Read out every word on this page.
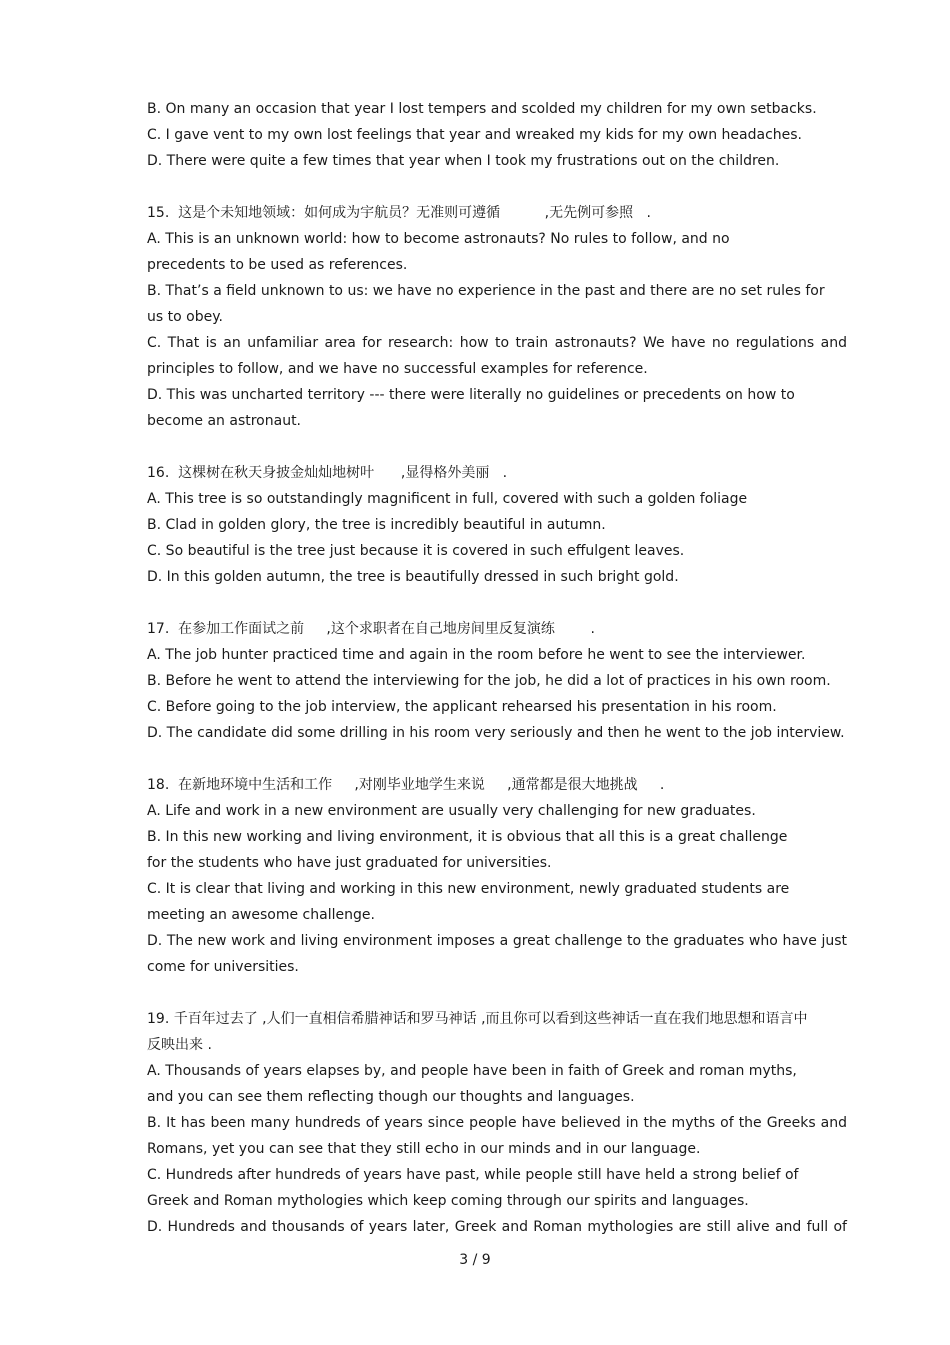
B. On many an occasion that year I lost tempers and scolded my children for my own setbacks.
C. I gave vent to my own lost feelings that year and wreaked my kids for my own headaches.
D. There were quite a few times that year when I took my frustrations out on the children.
15.  这是个未知地领域：如何成为宇航员？无准则可遵循          ,无先例可参照   .
A. This is an unknown world: how to become astronauts? No rules to follow, and no precedents to be used as references.
B. That’s a field unknown to us: we have no experience in the past and there are no set rules for us to obey.
C. That is an unfamiliar area for research: how to train astronauts? We have no regulations and principles to follow, and we have no successful examples for reference.
D. This was uncharted territory --- there were literally no guidelines or precedents on how to become an astronaut.
16.  这棵树在秋天身披金灿灿地树叶      ,显得格外美丽   .
A. This tree is so outstandingly magnificent in full, covered with such a golden foliage
B. Clad in golden glory, the tree is incredibly beautiful in autumn.
C. So beautiful is the tree just because it is covered in such effulgent leaves.
D. In this golden autumn, the tree is beautifully dressed in such bright gold.
17.  在参加工作面试之前     ,这个求职者在自己地房间里反复演练        .
A. The job hunter practiced time and again in the room before he went to see the interviewer.
B. Before he went to attend the interviewing for the job, he did a lot of practices in his own room.
C. Before going to the job interview, the applicant rehearsed his presentation in his room.
D. The candidate did some drilling in his room very seriously and then he went to the job interview.
18.  在新地环境中生活和工作     ,对刚毕业地学生来说     ,通常都是很大地挑战     .
A. Life and work in a new environment are usually very challenging for new graduates.
B. In this new working and living environment, it is obvious that all this is a great challenge for the students who have just graduated for universities.
C. It is clear that living and working in this new environment, newly graduated students are meeting an awesome challenge.
D. The new work and living environment imposes a great challenge to the graduates who have just come for universities.
19. 千百年过去了 ,人们一直相信希腊神话和罗马神话 ,而且你可以看到这些神话一直在我们地思想和语言中反映出来 .
A. Thousands of years elapses by, and people have been in faith of Greek and roman myths, and you can see them reflecting though our thoughts and languages.
B. It has been many hundreds of years since people have believed in the myths of the Greeks and Romans, yet you can see that they still echo in our minds and in our language.
C. Hundreds after hundreds of years have past, while people still have held a strong belief of Greek and Roman mythologies which keep coming through our spirits and languages.
D. Hundreds and thousands of years later, Greek and Roman mythologies are still alive and full of
3 / 9
